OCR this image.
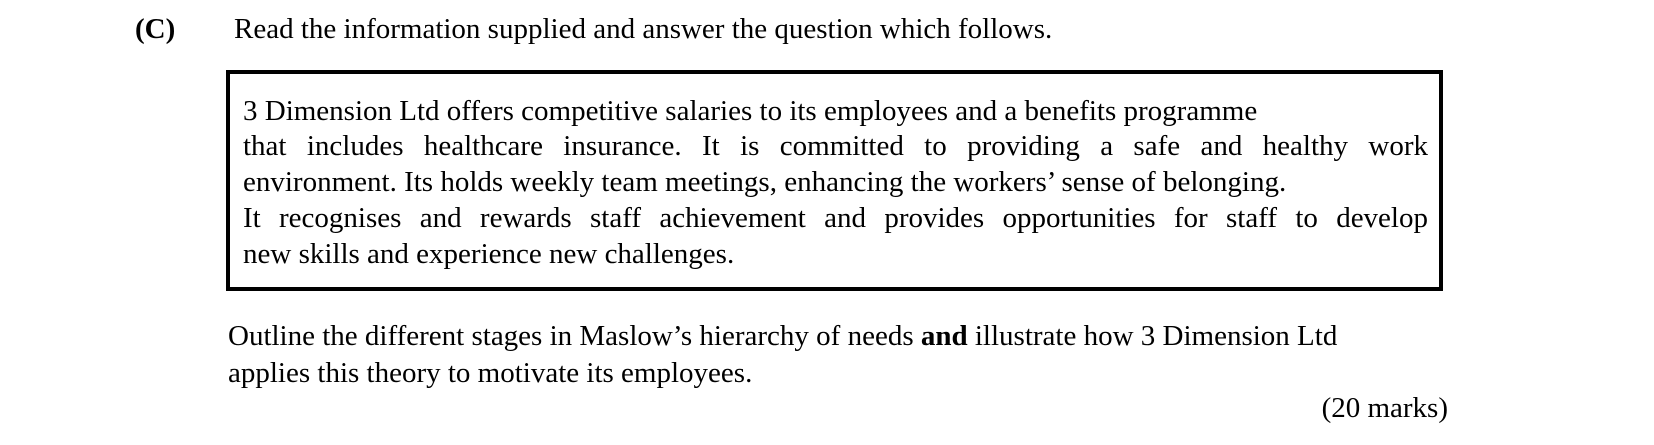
(C) Read the information supplied and answer the question which follows.
3 Dimension Ltd offers competitive salaries to its employees and a benefits programme
that includes healthcare insurance. It is committed to providing a safe and healthy work
environment. Its holds weekly team meetings, enhancing the workers’ sense of belonging.
It recognises and rewards staff achievement and provides opportunities for staff to develop
new skills and experience new challenges.
Outline the different stages in Maslow’s hierarchy of needs and illustrate how 3 Dimension Ltd
applies this theory to motivate its employees.
(20 marks)
